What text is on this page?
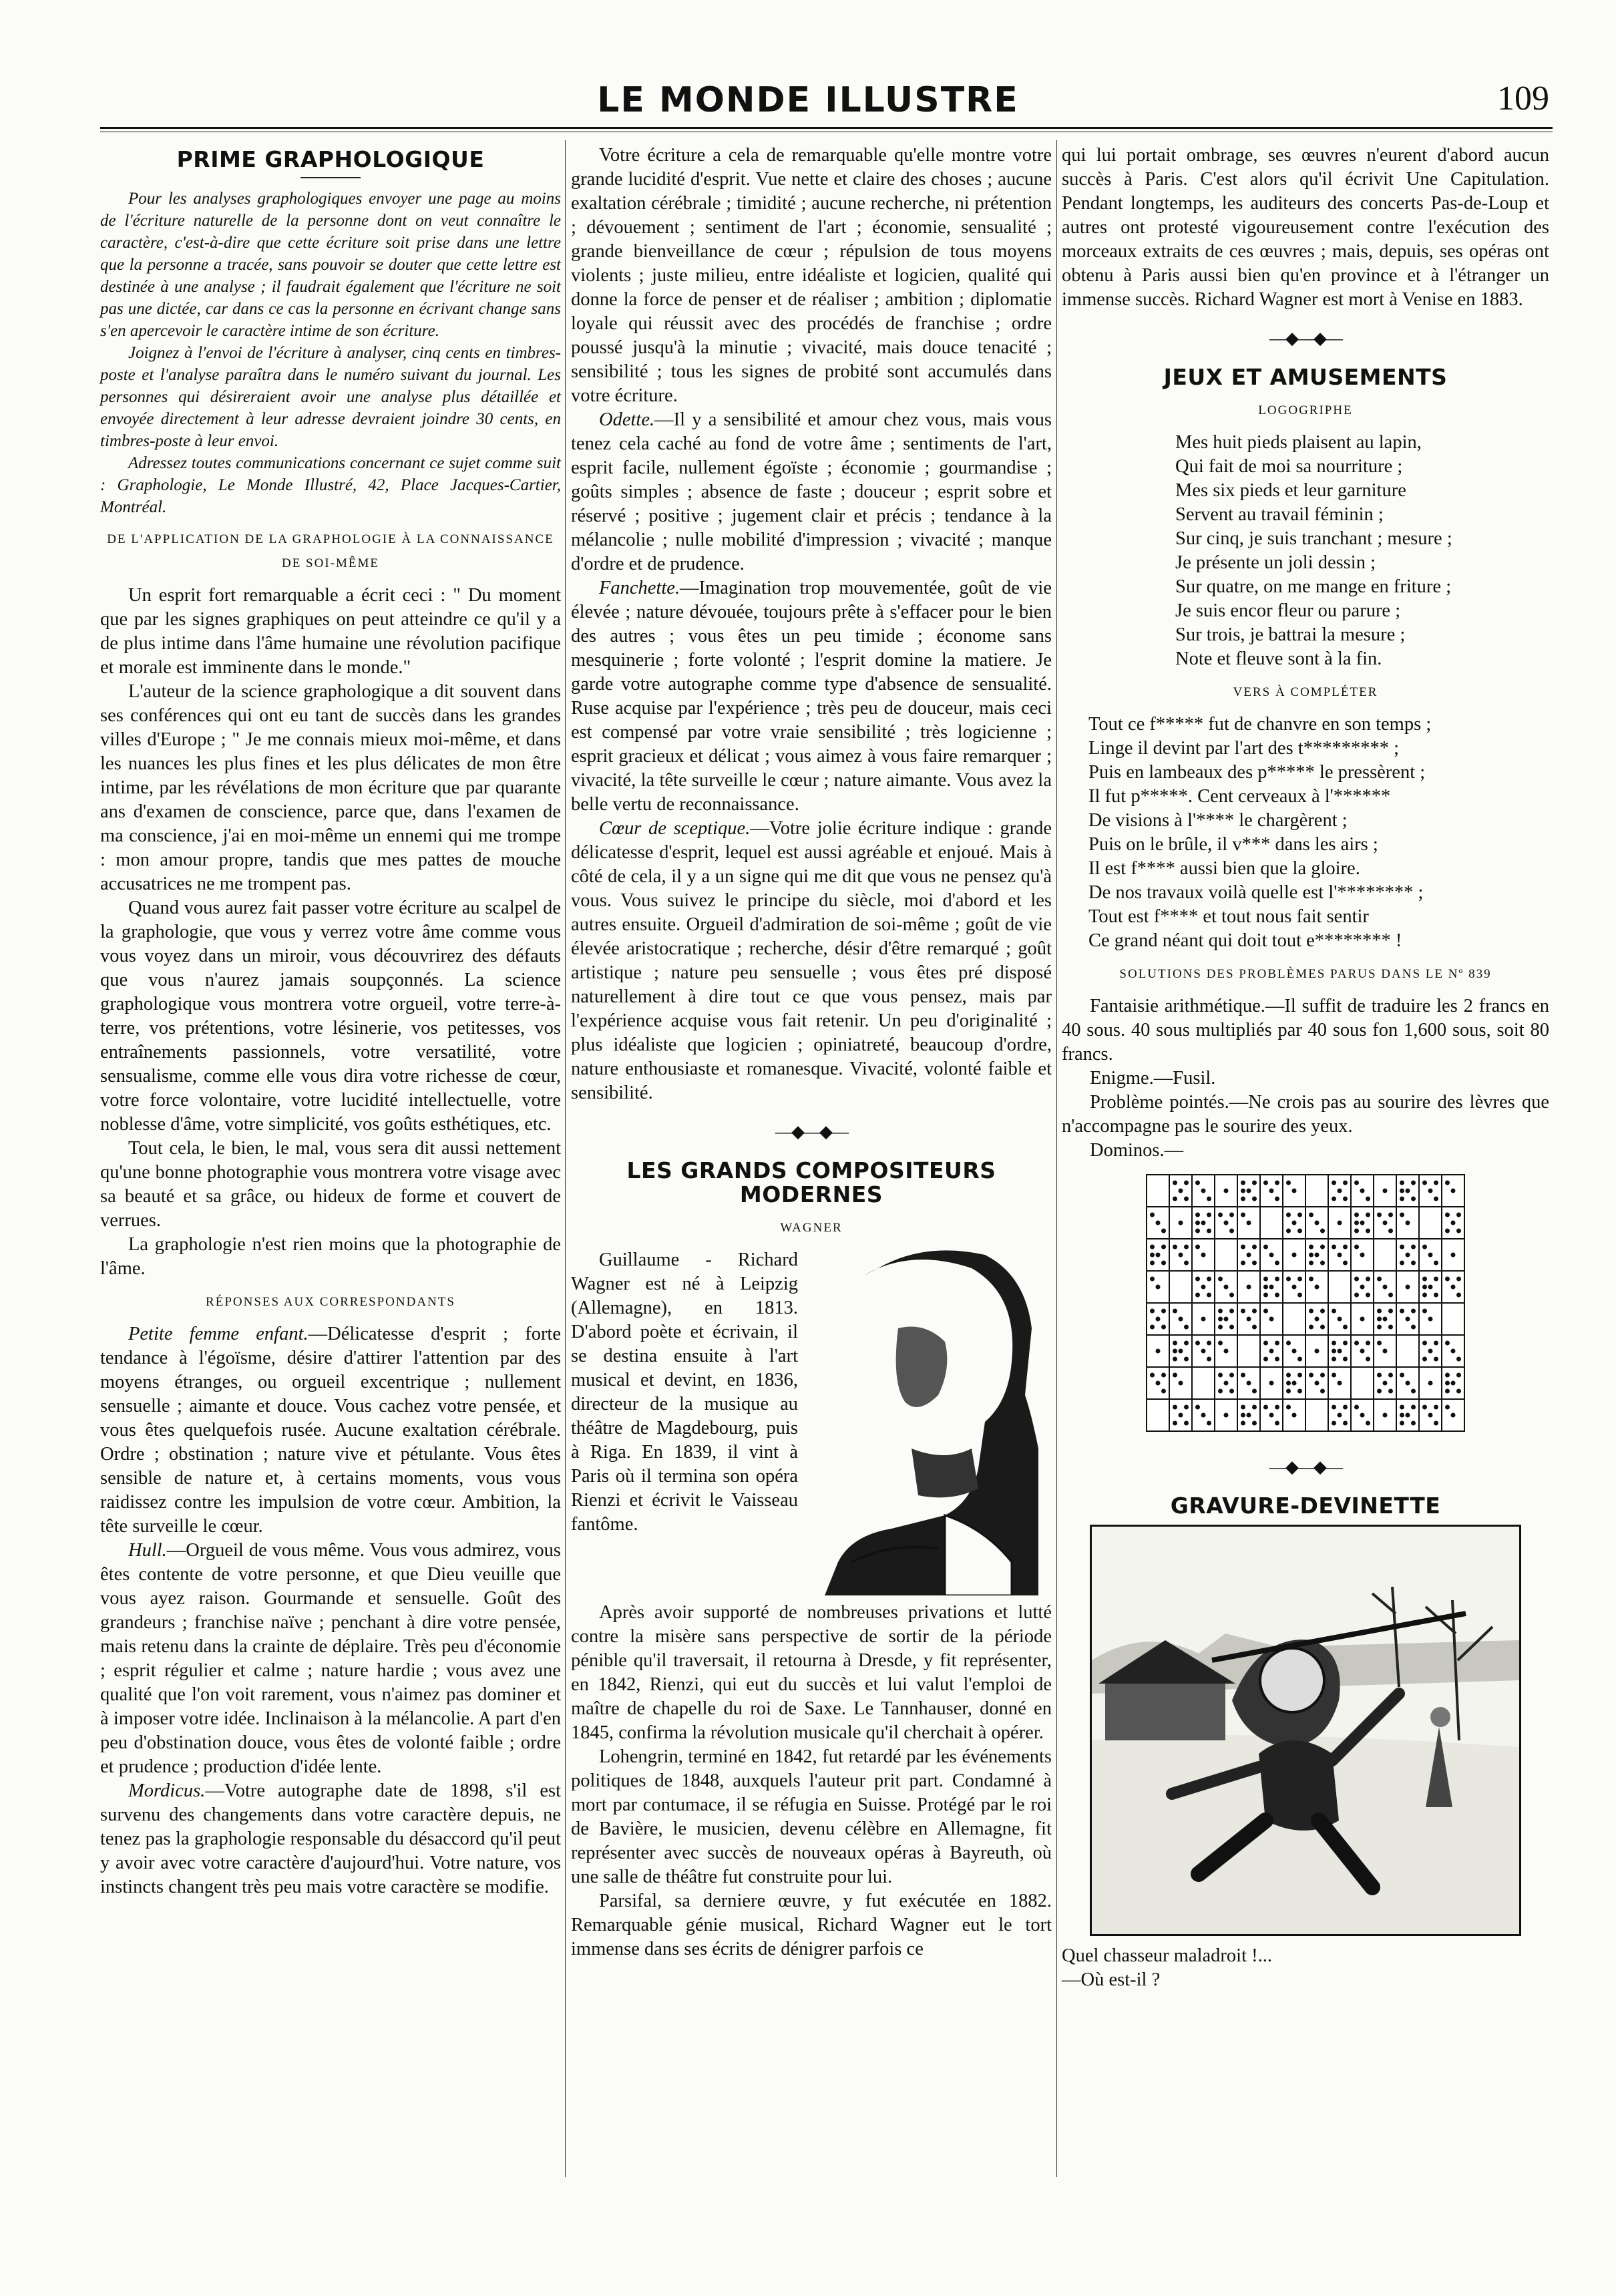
LE MONDE ILLUSTRE	109
PRIME GRAPHOLOGIQUE

Pour les analyses graphologiques envoyer une page au moins de l'écriture naturelle de la personne dont on veut connaître le caractère, c'est-à-dire que cette écriture soit prise dans une lettre que la personne a tracée, sans pouvoir se douter que cette lettre est destinée à une analyse ; il faudrait également que l'écriture ne soit pas une dictée, car dans ce cas la personne en écrivant change sans s'en apercevoir le caractère intime de son écriture.

Joignez à l'envoi de l'écriture à analyser, cinq cents en timbres-poste et l'analyse paraîtra dans le numéro suivant du journal. Les personnes qui désireraient avoir une analyse plus détaillée et envoyée directement à leur adresse devraient joindre 30 cents, en timbres-poste à leur envoi.

Adressez toutes communications concernant ce sujet comme suit : Graphologie, Le Monde Illustré, 42, Place Jacques-Cartier, Montréal.

DE L'APPLICATION DE LA GRAPHOLOGIE À LA CONNAISSANCE DE SOI-MÊME

Un esprit fort remarquable a écrit ceci : " Du moment que par les signes graphiques on peut atteindre ce qu'il y a de plus intime dans l'âme humaine une révolution pacifique et morale est imminente dans le monde."

L'auteur de la science graphologique a dit souvent dans ses conférences qui ont eu tant de succès dans les grandes villes d'Europe ; " Je me connais mieux moi-même, et dans les nuances les plus fines et les plus délicates de mon être intime, par les révélations de mon écriture que par quarante ans d'examen de conscience, parce que, dans l'examen de ma conscience, j'ai en moi-même un ennemi qui me trompe : mon amour propre, tandis que mes pattes de mouche accusatrices ne me trompent pas.

Quand vous aurez fait passer votre écriture au scalpel de la graphologie, que vous y verrez votre âme comme vous vous voyez dans un miroir, vous découvrirez des défauts que vous n'aurez jamais soupçonnés. La science graphologique vous montrera votre orgueil, votre terre-à-terre, vos prétentions, votre lésinerie, vos petitesses, vos entraînements passionnels, votre versatilité, votre sensualisme, comme elle vous dira votre richesse de cœur, votre force volontaire, votre lucidité intellectuelle, votre noblesse d'âme, votre simplicité, vos goûts esthétiques, etc.

Tout cela, le bien, le mal, vous sera dit aussi nettement qu'une bonne photographie vous montrera votre visage avec sa beauté et sa grâce, ou hideux de forme et couvert de verrues.

La graphologie n'est rien moins que la photographie de l'âme.

RÉPONSES AUX CORRESPONDANTS

Petite femme enfant.—Délicatesse d'esprit ; forte tendance à l'égoïsme, désire d'attirer l'attention par des moyens étranges, ou orgueil excentrique ; nullement sensuelle ; aimante et douce. Vous cachez votre pensée, et vous êtes quelquefois rusée. Aucune exaltation cérébrale. Ordre ; obstination ; nature vive et pétulante. Vous êtes sensible de nature et, à certains moments, vous vous raidissez contre les impulsion de votre cœur. Ambition, la tête surveille le cœur.

Hull.—Orgueil de vous même. Vous vous admirez, vous êtes contente de votre personne, et que Dieu veuille que vous ayez raison. Gourmande et sensuelle. Goût des grandeurs ; franchise naïve ; penchant à dire votre pensée, mais retenu dans la crainte de déplaire. Très peu d'économie ; esprit régulier et calme ; nature hardie ; vous avez une qualité que l'on voit rarement, vous n'aimez pas dominer et à imposer votre idée. Inclinaison à la mélancolie. A part d'en peu d'obstination douce, vous êtes de volonté faible ; ordre et prudence ; production d'idée lente.

Mordicus.—Votre autographe date de 1898, s'il est survenu des changements dans votre caractère depuis, ne tenez pas la graphologie responsable du désaccord qu'il peut y avoir avec votre caractère d'aujourd'hui. Votre nature, vos instincts changent très peu mais votre caractère se modifie.

Votre écriture a cela de remarquable qu'elle montre votre grande lucidité d'esprit. Vue nette et claire des choses ; aucune exaltation cérébrale ; timidité ; aucune recherche, ni prétention ; dévouement ; sentiment de l'art ; économie, sensualité ; grande bienveillance de cœur ; répulsion de tous moyens violents ; juste milieu, entre idéaliste et logicien, qualité qui donne la force de penser et de réaliser ; ambition ; diplomatie loyale qui réussit avec des procédés de franchise ; ordre poussé jusqu'à la minutie ; vivacité, mais douce tenacité ; sensibilité ; tous les signes de probité sont accumulés dans votre écriture.

Odette.—Il y a sensibilité et amour chez vous, mais vous tenez cela caché au fond de votre âme ; sentiments de l'art, esprit facile, nullement égoïste ; économie ; gourmandise ; goûts simples ; absence de faste ; douceur ; esprit sobre et réservé ; positive ; jugement clair et précis ; tendance à la mélancolie ; nulle mobilité d'impression ; vivacité ; manque d'ordre et de prudence.

Fanchette.—Imagination trop mouvementée, goût de vie élevée ; nature dévouée, toujours prête à s'effacer pour le bien des autres ; vous êtes un peu timide ; économe sans mesquinerie ; forte volonté ; l'esprit domine la matiere. Je garde votre autographe comme type d'absence de sensualité. Ruse acquise par l'expérience ; très peu de douceur, mais ceci est compensé par votre vraie sensibilité ; très logicienne ; esprit gracieux et délicat ; vous aimez à vous faire remarquer ; vivacité, la tête surveille le cœur ; nature aimante. Vous avez la belle vertu de reconnaissance.

Cœur de sceptique.—Votre jolie écriture indique : grande délicatesse d'esprit, lequel est aussi agréable et enjoué. Mais à côté de cela, il y a un signe qui me dit que vous ne pensez qu'à vous. Vous suivez le principe du siècle, moi d'abord et les autres ensuite. Orgueil d'admiration de soi-même ; goût de vie élevée aristocratique ; recherche, désir d'être remarqué ; goût artistique ; nature peu sensuelle ; vous êtes pré disposé naturellement à dire tout ce que vous pensez, mais par l'expérience acquise vous fait retenir. Un peu d'originalité ; plus idéaliste que logicien ; opiniatreté, beaucoup d'ordre, nature enthousiaste et romanesque. Vivacité, volonté faible et sensibilité.

―◆―◆―
LES GRANDS COMPOSITEURS MODERNES
WAGNER

Guillaume - Richard Wagner est né à Leipzig (Allemagne), en 1813. D'abord poète et écrivain, il se destina ensuite à l'art musical et devint, en 1836, directeur de la musique au théâtre de Magdebourg, puis à Riga. En 1839, il vint à Paris où il termina son opéra Rienzi et écrivit le Vaisseau fantôme.

Après avoir supporté de nombreuses privations et lutté contre la misère sans perspective de sortir de la période pénible qu'il traversait, il retourna à Dresde, y fit représenter, en 1842, Rienzi, qui eut du succès et lui valut l'emploi de maître de chapelle du roi de Saxe. Le Tannhauser, donné en 1845, confirma la révolution musicale qu'il cherchait à opérer.

Lohengrin, terminé en 1842, fut retardé par les événements politiques de 1848, auxquels l'auteur prit part. Condamné à mort par contumace, il se réfugia en Suisse. Protégé par le roi de Bavière, le musicien, devenu célèbre en Allemagne, fit représenter avec succès de nouveaux opéras à Bayreuth, où une salle de théâtre fut construite pour lui.

Parsifal, sa derniere œuvre, y fut exécutée en 1882. Remarquable génie musical, Richard Wagner eut le tort immense dans ses écrits de dénigrer parfois ce

qui lui portait ombrage, ses œuvres n'eurent d'abord aucun succès à Paris. C'est alors qu'il écrivit Une Capitulation. Pendant longtemps, les auditeurs des concerts Pas-de-Loup et autres ont protesté vigoureusement contre l'exécution des morceaux extraits de ces œuvres ; mais, depuis, ses opéras ont obtenu à Paris aussi bien qu'en province et à l'étranger un immense succès. Richard Wagner est mort à Venise en 1883.

―◆―◆―
JEUX ET AMUSEMENTS
LOGOGRIPHE
Mes huit pieds plaisent au lapin,
Qui fait de moi sa nourriture ;
Mes six pieds et leur garniture
Servent au travail féminin ;
Sur cinq, je suis tranchant ; mesure ;
Je présente un joli dessin ;
Sur quatre, on me mange en friture ;
Je suis encor fleur ou parure ;
Sur trois, je battrai la mesure ;
Note et fleuve sont à la fin.
VERS À COMPLÉTER
Tout ce f***** fut de chanvre en son temps ;
Linge il devint par l'art des t********* ;
Puis en lambeaux des p***** le pressèrent ;
Il fut p*****. Cent cerveaux à l'******
De visions à l'**** le chargèrent ;
Puis on le brûle, il v*** dans les airs ;
Il est f**** aussi bien que la gloire.
De nos travaux voilà quelle est l'******** ;
Tout est f**** et tout nous fait sentir
Ce grand néant qui doit tout e******** !
SOLUTIONS DES PROBLÈMES PARUS DANS LE Nº 839

Fantaisie arithmétique.—Il suffit de traduire les 2 francs en 40 sous. 40 sous multipliés par 40 sous fon 1,600 sous, soit 80 francs.

Enigme.—Fusil.

Problème pointés.—Ne crois pas au sourire des lèvres que n'accompagne pas le sourire des yeux.

Dominos.—

―◆―◆―
GRAVURE-DEVINETTE
Quel chasseur maladroit !...
—Où est-il ?
